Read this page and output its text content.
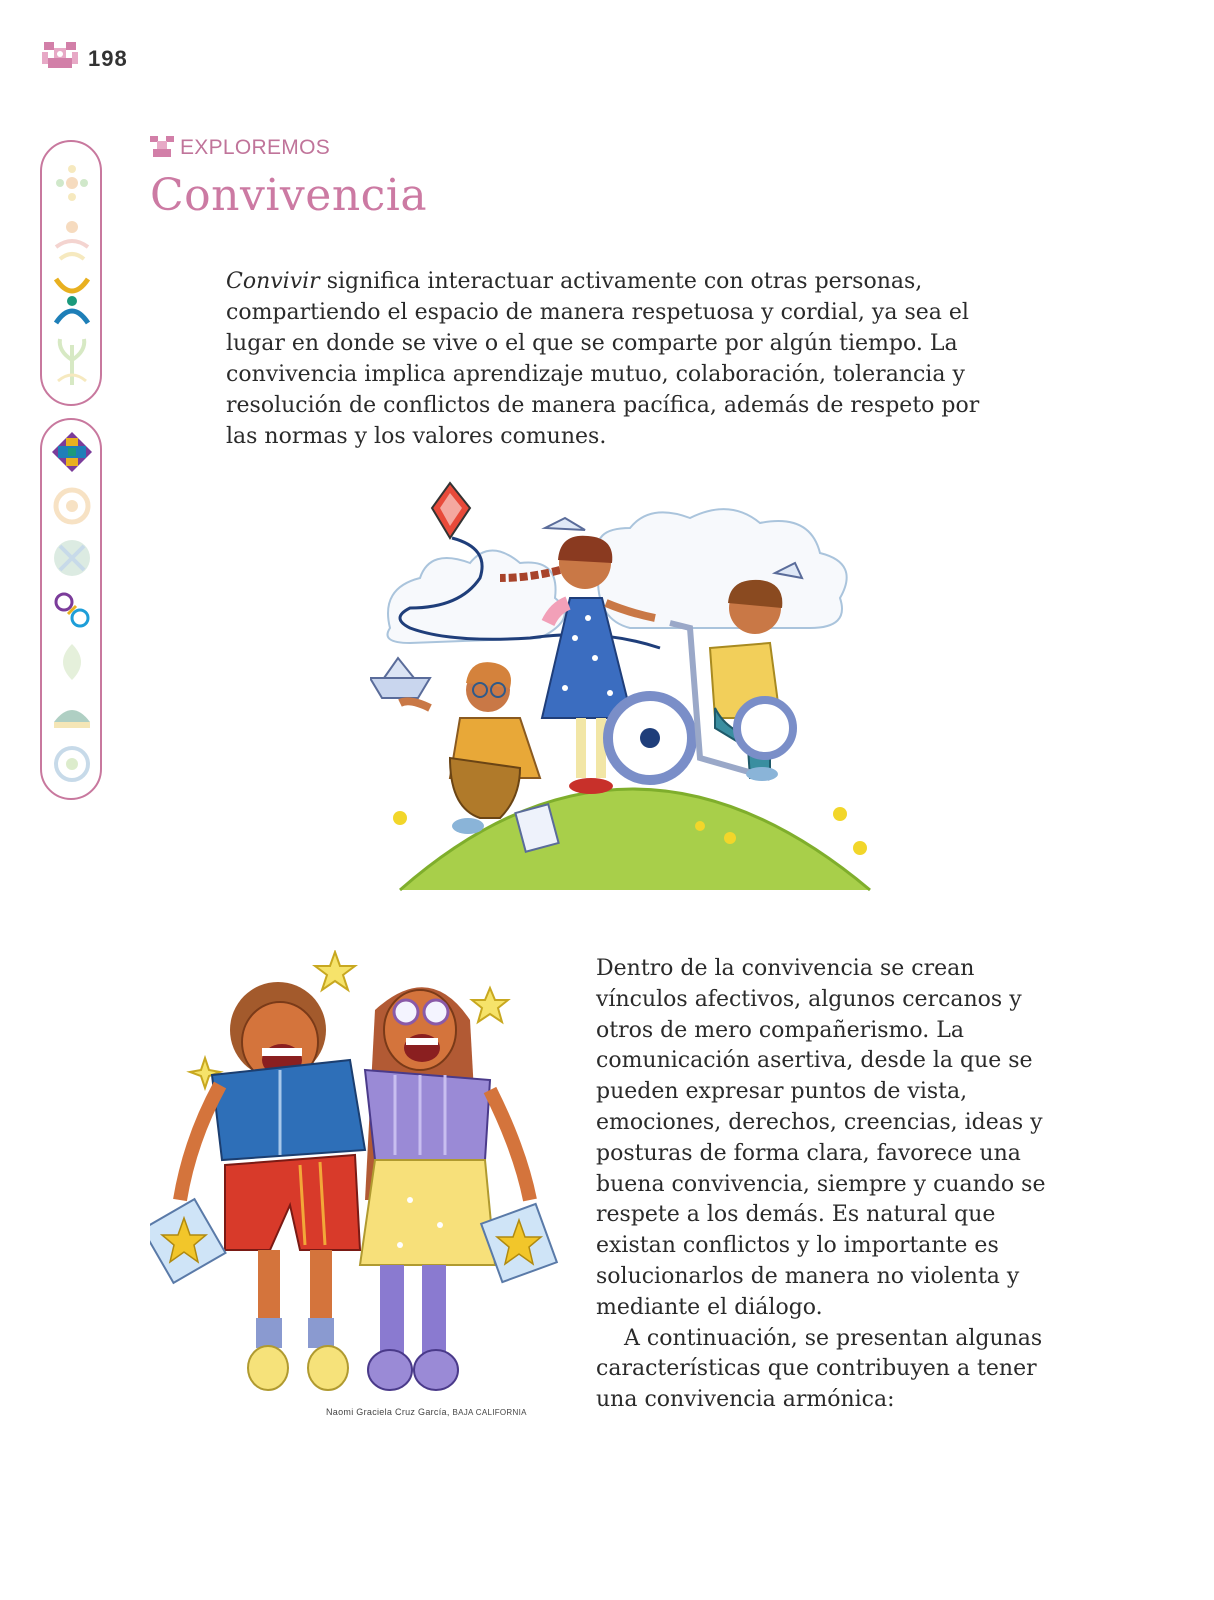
198
EXPLOREMOS
Convivencia

Convivir significa interactuar activamente con otras personas, compartiendo el espacio de manera respetuosa y cordial, ya sea el lugar en donde se vive o el que se comparte por algún tiempo. La convivencia implica aprendizaje mutuo, colaboración, tolerancia y resolución de conflictos de manera pacífica, además de respeto por las normas y los valores comunes.

Naomi Graciela Cruz García, BAJA CALIFORNIA

Dentro de la convivencia se crean vínculos afectivos, algunos cercanos y otros de mero compañerismo. La comunicación asertiva, desde la que se pueden expresar puntos de vista, emociones, derechos, creencias, ideas y posturas de forma clara, favorece una buena convivencia, siempre y cuando se respete a los demás. Es natural que existan conflictos y lo importante es solucionarlos de manera no violenta y mediante el diálogo.
A continuación, se presentan algunas características que contribuyen a tener una convivencia armónica:
